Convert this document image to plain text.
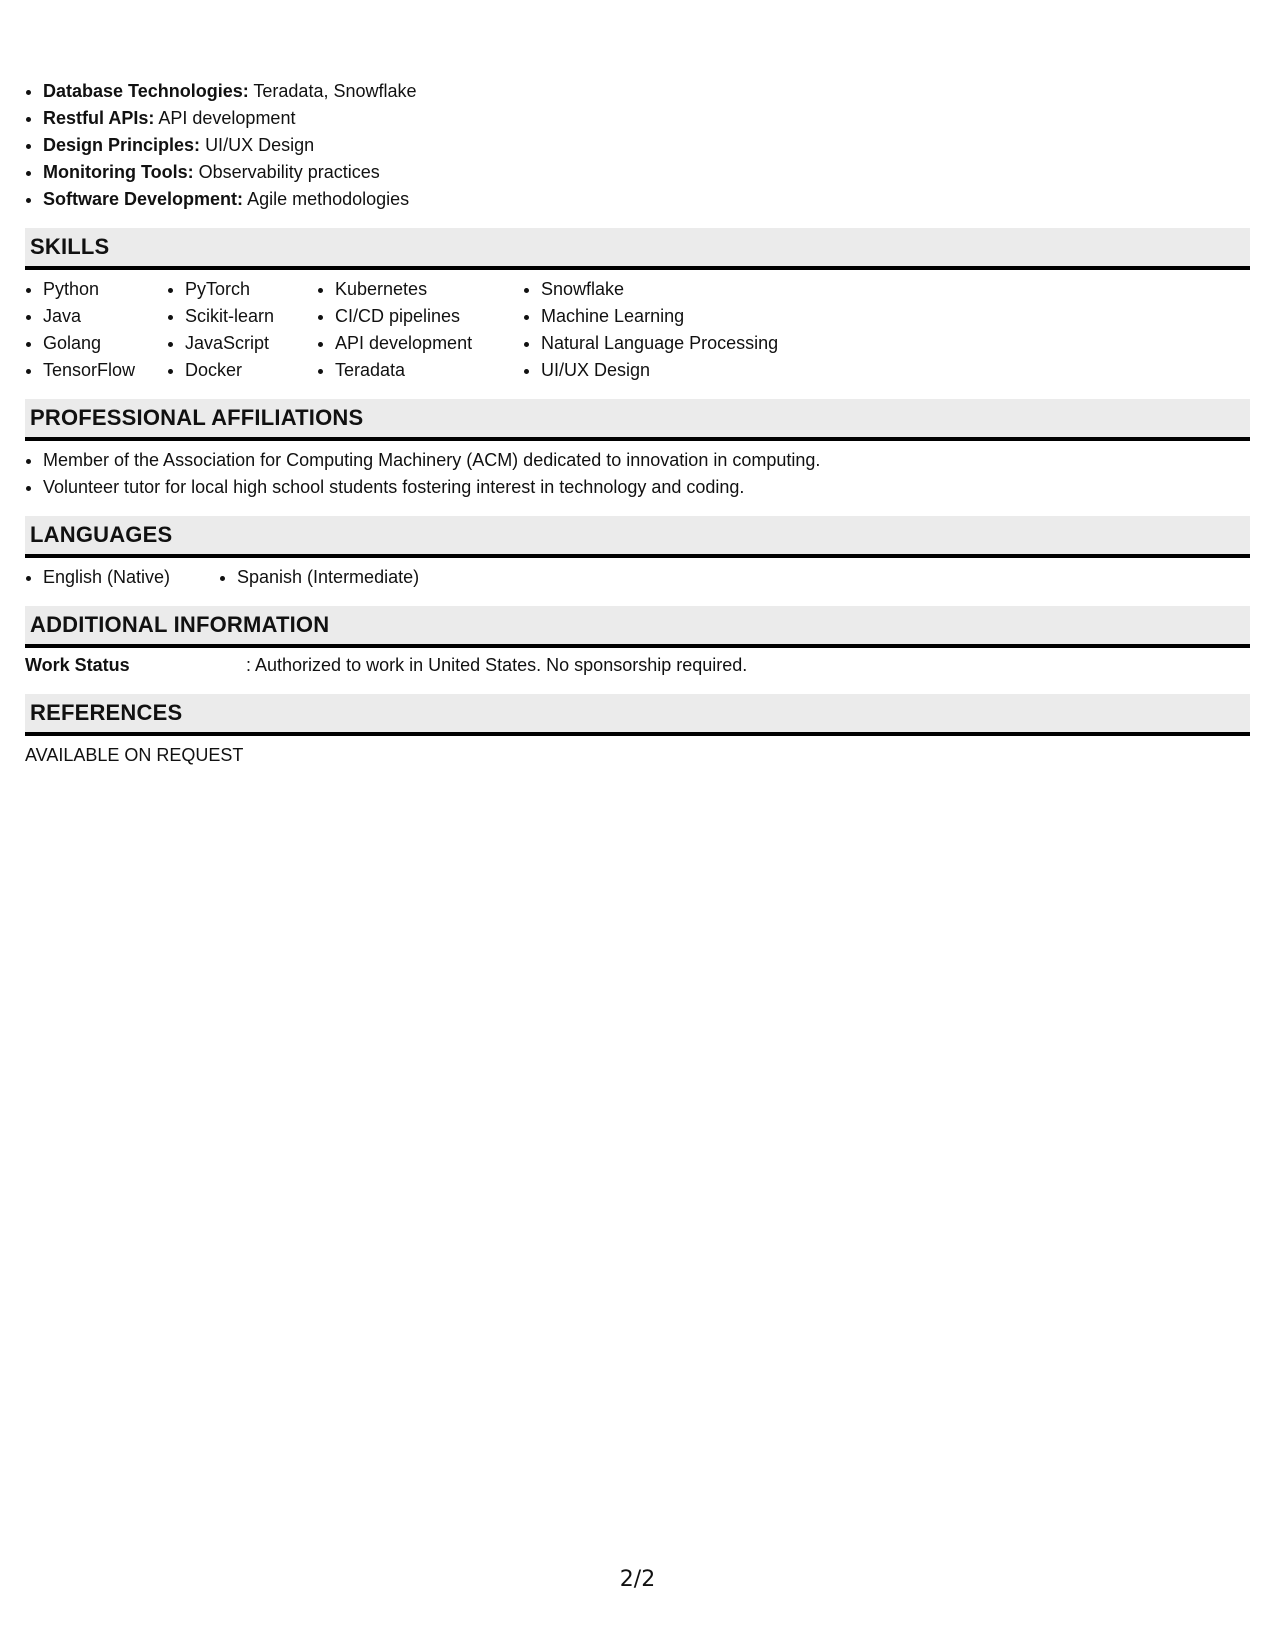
• Database Technologies: Teradata, Snowflake
• Restful APIs: API development
• Design Principles: UI/UX Design
• Monitoring Tools: Observability practices
• Software Development: Agile methodologies
SKILLS
• Python
• Java
• Golang
• TensorFlow
• PyTorch
• Scikit-learn
• JavaScript
• Docker
• Kubernetes
• CI/CD pipelines
• API development
• Teradata
• Snowflake
• Machine Learning
• Natural Language Processing
• UI/UX Design
PROFESSIONAL AFFILIATIONS
• Member of the Association for Computing Machinery (ACM) dedicated to innovation in computing.
• Volunteer tutor for local high school students fostering interest in technology and coding.
LANGUAGES
• English (Native)
•	Spanish (Intermediate)
ADDITIONAL INFORMATION
Work Status	: Authorized to work in United States. No sponsorship required.
REFERENCES
AVAILABLE ON REQUEST
2/2
